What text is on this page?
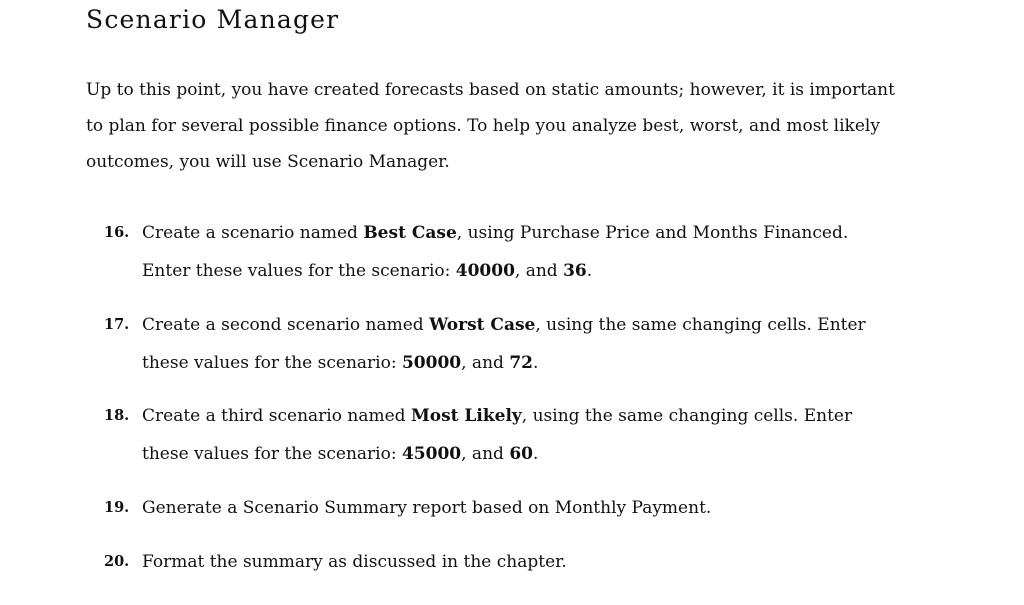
Scenario Manager

Up to this point, you have created forecasts based on static amounts; however, it is important to plan for several possible finance options. To help you analyze best, worst, and most likely outcomes, you will use Scenario Manager.

16. Create a scenario named Best Case, using Purchase Price and Months Financed. Enter these values for the scenario: 40000, and 36.
17. Create a second scenario named Worst Case, using the same changing cells. Enter these values for the scenario: 50000, and 72.
18. Create a third scenario named Most Likely, using the same changing cells. Enter these values for the scenario: 45000, and 60.
19. Generate a Scenario Summary report based on Monthly Payment.
20. Format the summary as discussed in the chapter.
